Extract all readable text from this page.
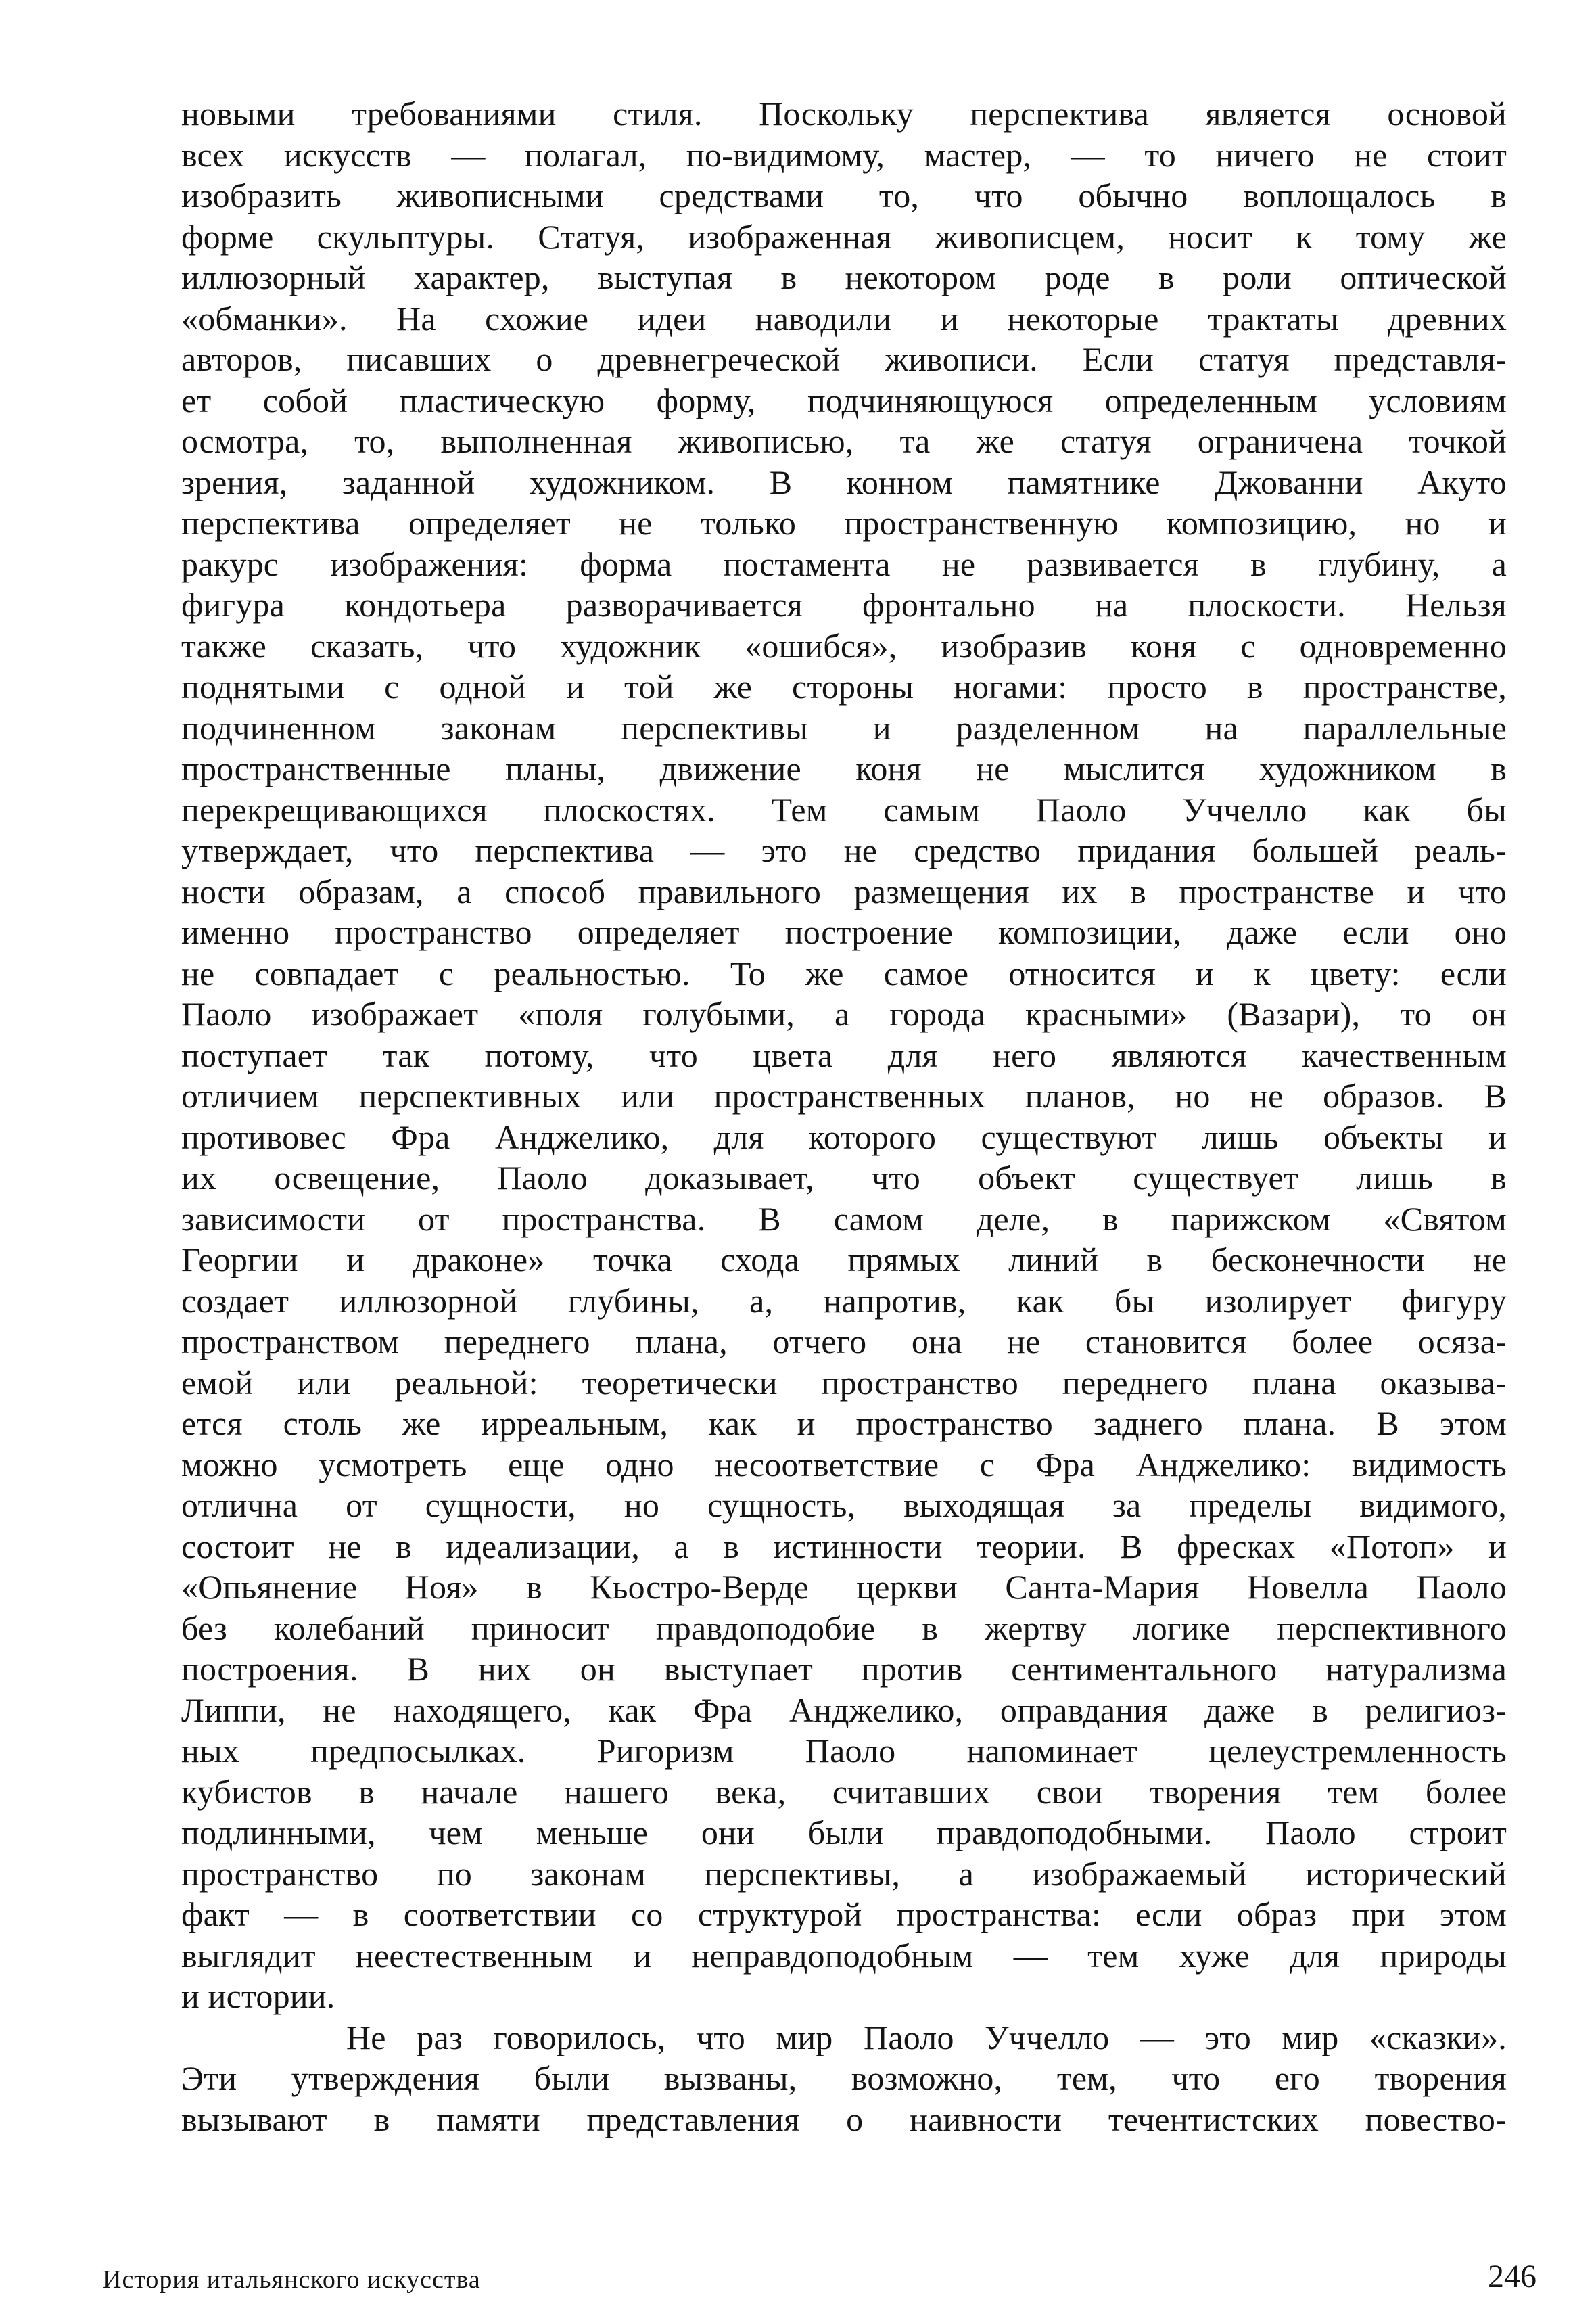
новыми требованиями стиля. Поскольку перспектива является основой
всех искусств — полагал, по-видимому, мастер, — то ничего не стоит
изобразить живописными средствами то, что обычно воплощалось в
форме скульптуры. Статуя, изображенная живописцем, носит к тому же
иллюзорный характер, выступая в некотором роде в роли оптической
«обманки». На схожие идеи наводили и некоторые трактаты древних
авторов, писавших о древнегреческой живописи. Если статуя представля-
ет собой пластическую форму, подчиняющуюся определенным условиям
осмотра, то, выполненная живописью, та же статуя ограничена точкой
зрения, заданной художником. В конном памятнике Джованни Акуто
перспектива определяет не только пространственную композицию, но и
ракурс изображения: форма постамента не развивается в глубину, а
фигура кондотьера разворачивается фронтально на плоскости. Нельзя
также сказать, что художник «ошибся», изобразив коня с одновременно
поднятыми с одной и той же стороны ногами: просто в пространстве,
подчиненном законам перспективы и разделенном на параллельные
пространственные планы, движение коня не мыслится художником в
перекрещивающихся плоскостях. Тем самым Паоло Уччелло как бы
утверждает, что перспектива — это не средство придания большей реаль-
ности образам, а способ правильного размещения их в пространстве и что
именно пространство определяет построение композиции, даже если оно
не совпадает с реальностью. То же самое относится и к цвету: если
Паоло изображает «поля голубыми, а города красными» (Вазари), то он
поступает так потому, что цвета для него являются качественным
отличием перспективных или пространственных планов, но не образов. В
противовес Фра Анджелико, для которого существуют лишь объекты и
их освещение, Паоло доказывает, что объект существует лишь в
зависимости от пространства. В самом деле, в парижском «Святом
Георгии и драконе» точка схода прямых линий в бесконечности не
создает иллюзорной глубины, а, напротив, как бы изолирует фигуру
пространством переднего плана, отчего она не становится более осяза-
емой или реальной: теоретически пространство переднего плана оказыва-
ется столь же ирреальным, как и пространство заднего плана. В этом
можно усмотреть еще одно несоответствие с Фра Анджелико: видимость
отлична от сущности, но сущность, выходящая за пределы видимого,
состоит не в идеализации, а в истинности теории. В фресках «Потоп» и
«Опьянение Ноя» в Кьостро-Верде церкви Санта-Мария Новелла Паоло
без колебаний приносит правдоподобие в жертву логике перспективного
построения. В них он выступает против сентиментального натурализма
Липпи, не находящего, как Фра Анджелико, оправдания даже в религиоз-
ных предпосылках. Ригоризм Паоло напоминает целеустремленность
кубистов в начале нашего века, считавших свои творения тем более
подлинными, чем меньше они были правдоподобными. Паоло строит
пространство по законам перспективы, а изображаемый исторический
факт — в соответствии со структурой пространства: если образ при этом
выглядит неестественным и неправдоподобным — тем хуже для природы
и истории.
Не раз говорилось, что мир Паоло Уччелло — это мир «сказки».
Эти утверждения были вызваны, возможно, тем, что его творения
вызывают в памяти представления о наивности течентистских повество-
История итальянского искусства	246
